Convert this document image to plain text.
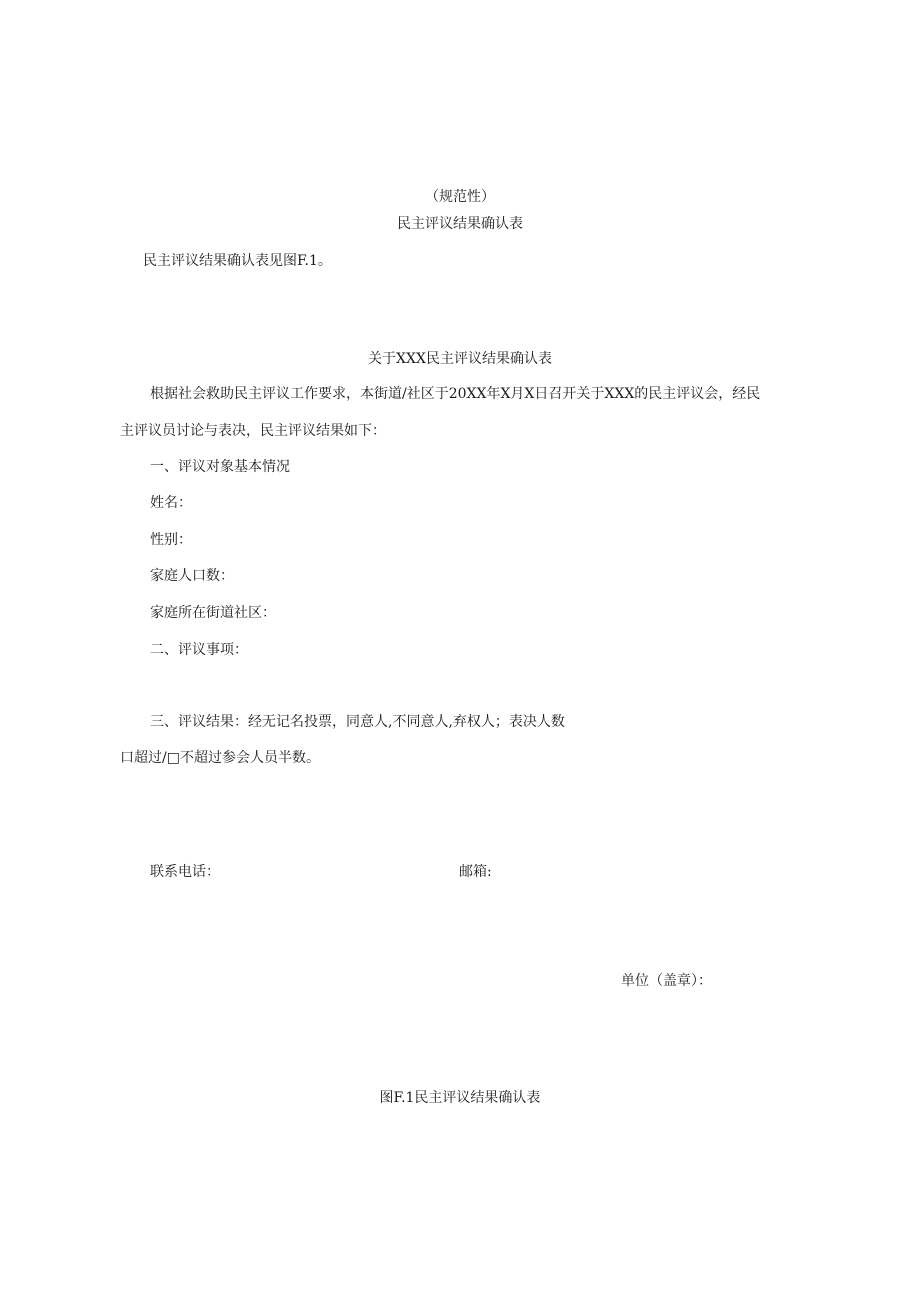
（规范性）
民主评议结果确认表
民主评议结果确认表见图F.1。
关于XXX民主评议结果确认表
根据社会救助民主评议工作要求，本街道/社区于20XX年X月X日召开关于XXX的民主评议会，经民
主评议员讨论与表决，民主评议结果如下：
一、评议对象基本情况
姓名：
性别：
家庭人口数：
家庭所在街道社区：
二、评议事项：
三、评议结果：经无记名投票，同意人,不同意人,弃权人；表决人数
口超过/□不超过参会人员半数。
联系电话：	邮箱:
单位（盖章）：
图F.1民主评议结果确认表
